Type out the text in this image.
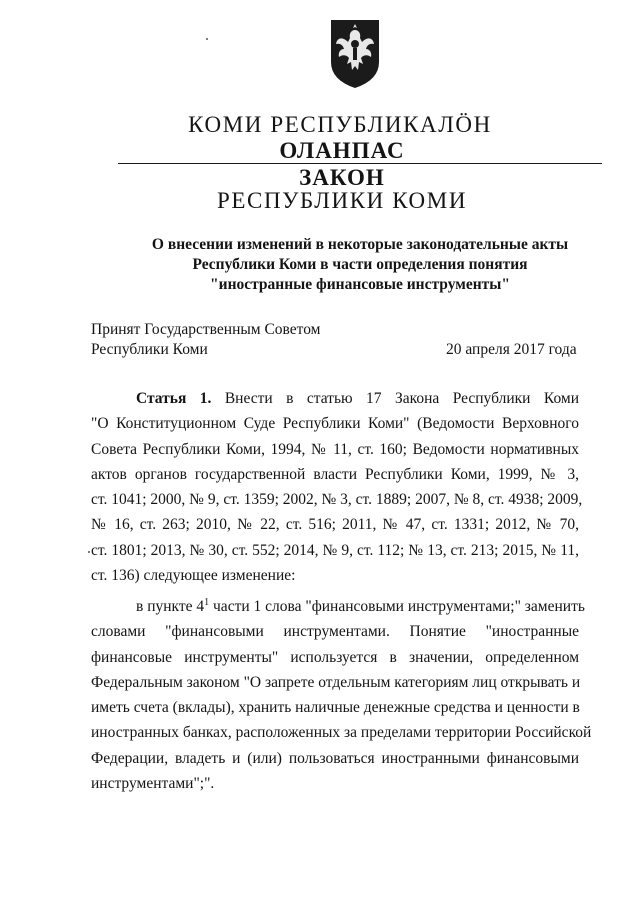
КОМИ РЕСПУБЛИКАЛӦН
ОЛАНПАС
ЗАКОН
РЕСПУБЛИКИ КОМИ
О внесении изменений в некоторые законодательные акты
Республики Коми в части определения понятия
"иностранные финансовые инструменты"
Принят Государственным Советом
Республики Коми	20 апреля 2017 года
Статья 1. Внести в статью 17 Закона Республики Коми
"О Конституционном Суде Республики Коми" (Ведомости Верховного
Совета Республики Коми, 1994, № 11, ст. 160; Ведомости нормативных
актов органов государственной власти Республики Коми, 1999, № 3,
ст. 1041; 2000, № 9, ст. 1359; 2002, № 3, ст. 1889; 2007, № 8, ст. 4938; 2009,
№ 16, ст. 263; 2010, № 22, ст. 516; 2011, № 47, ст. 1331; 2012, № 70,
ст. 1801; 2013, № 30, ст. 552; 2014, № 9, ст. 112; № 13, ст. 213; 2015, № 11,
ст. 136) следующее изменение:
в пункте $4^1$ части 1 слова "финансовыми инструментами;" заменить
словами "финансовыми инструментами. Понятие "иностранные
финансовые инструменты" используется в значении, определенном
Федеральным законом "О запрете отдельным категориям лиц открывать и
иметь счета (вклады), хранить наличные денежные средства и ценности в
иностранных банках, расположенных за пределами территории Российской
Федерации, владеть и (или) пользоваться иностранными финансовыми
инструментами";".
